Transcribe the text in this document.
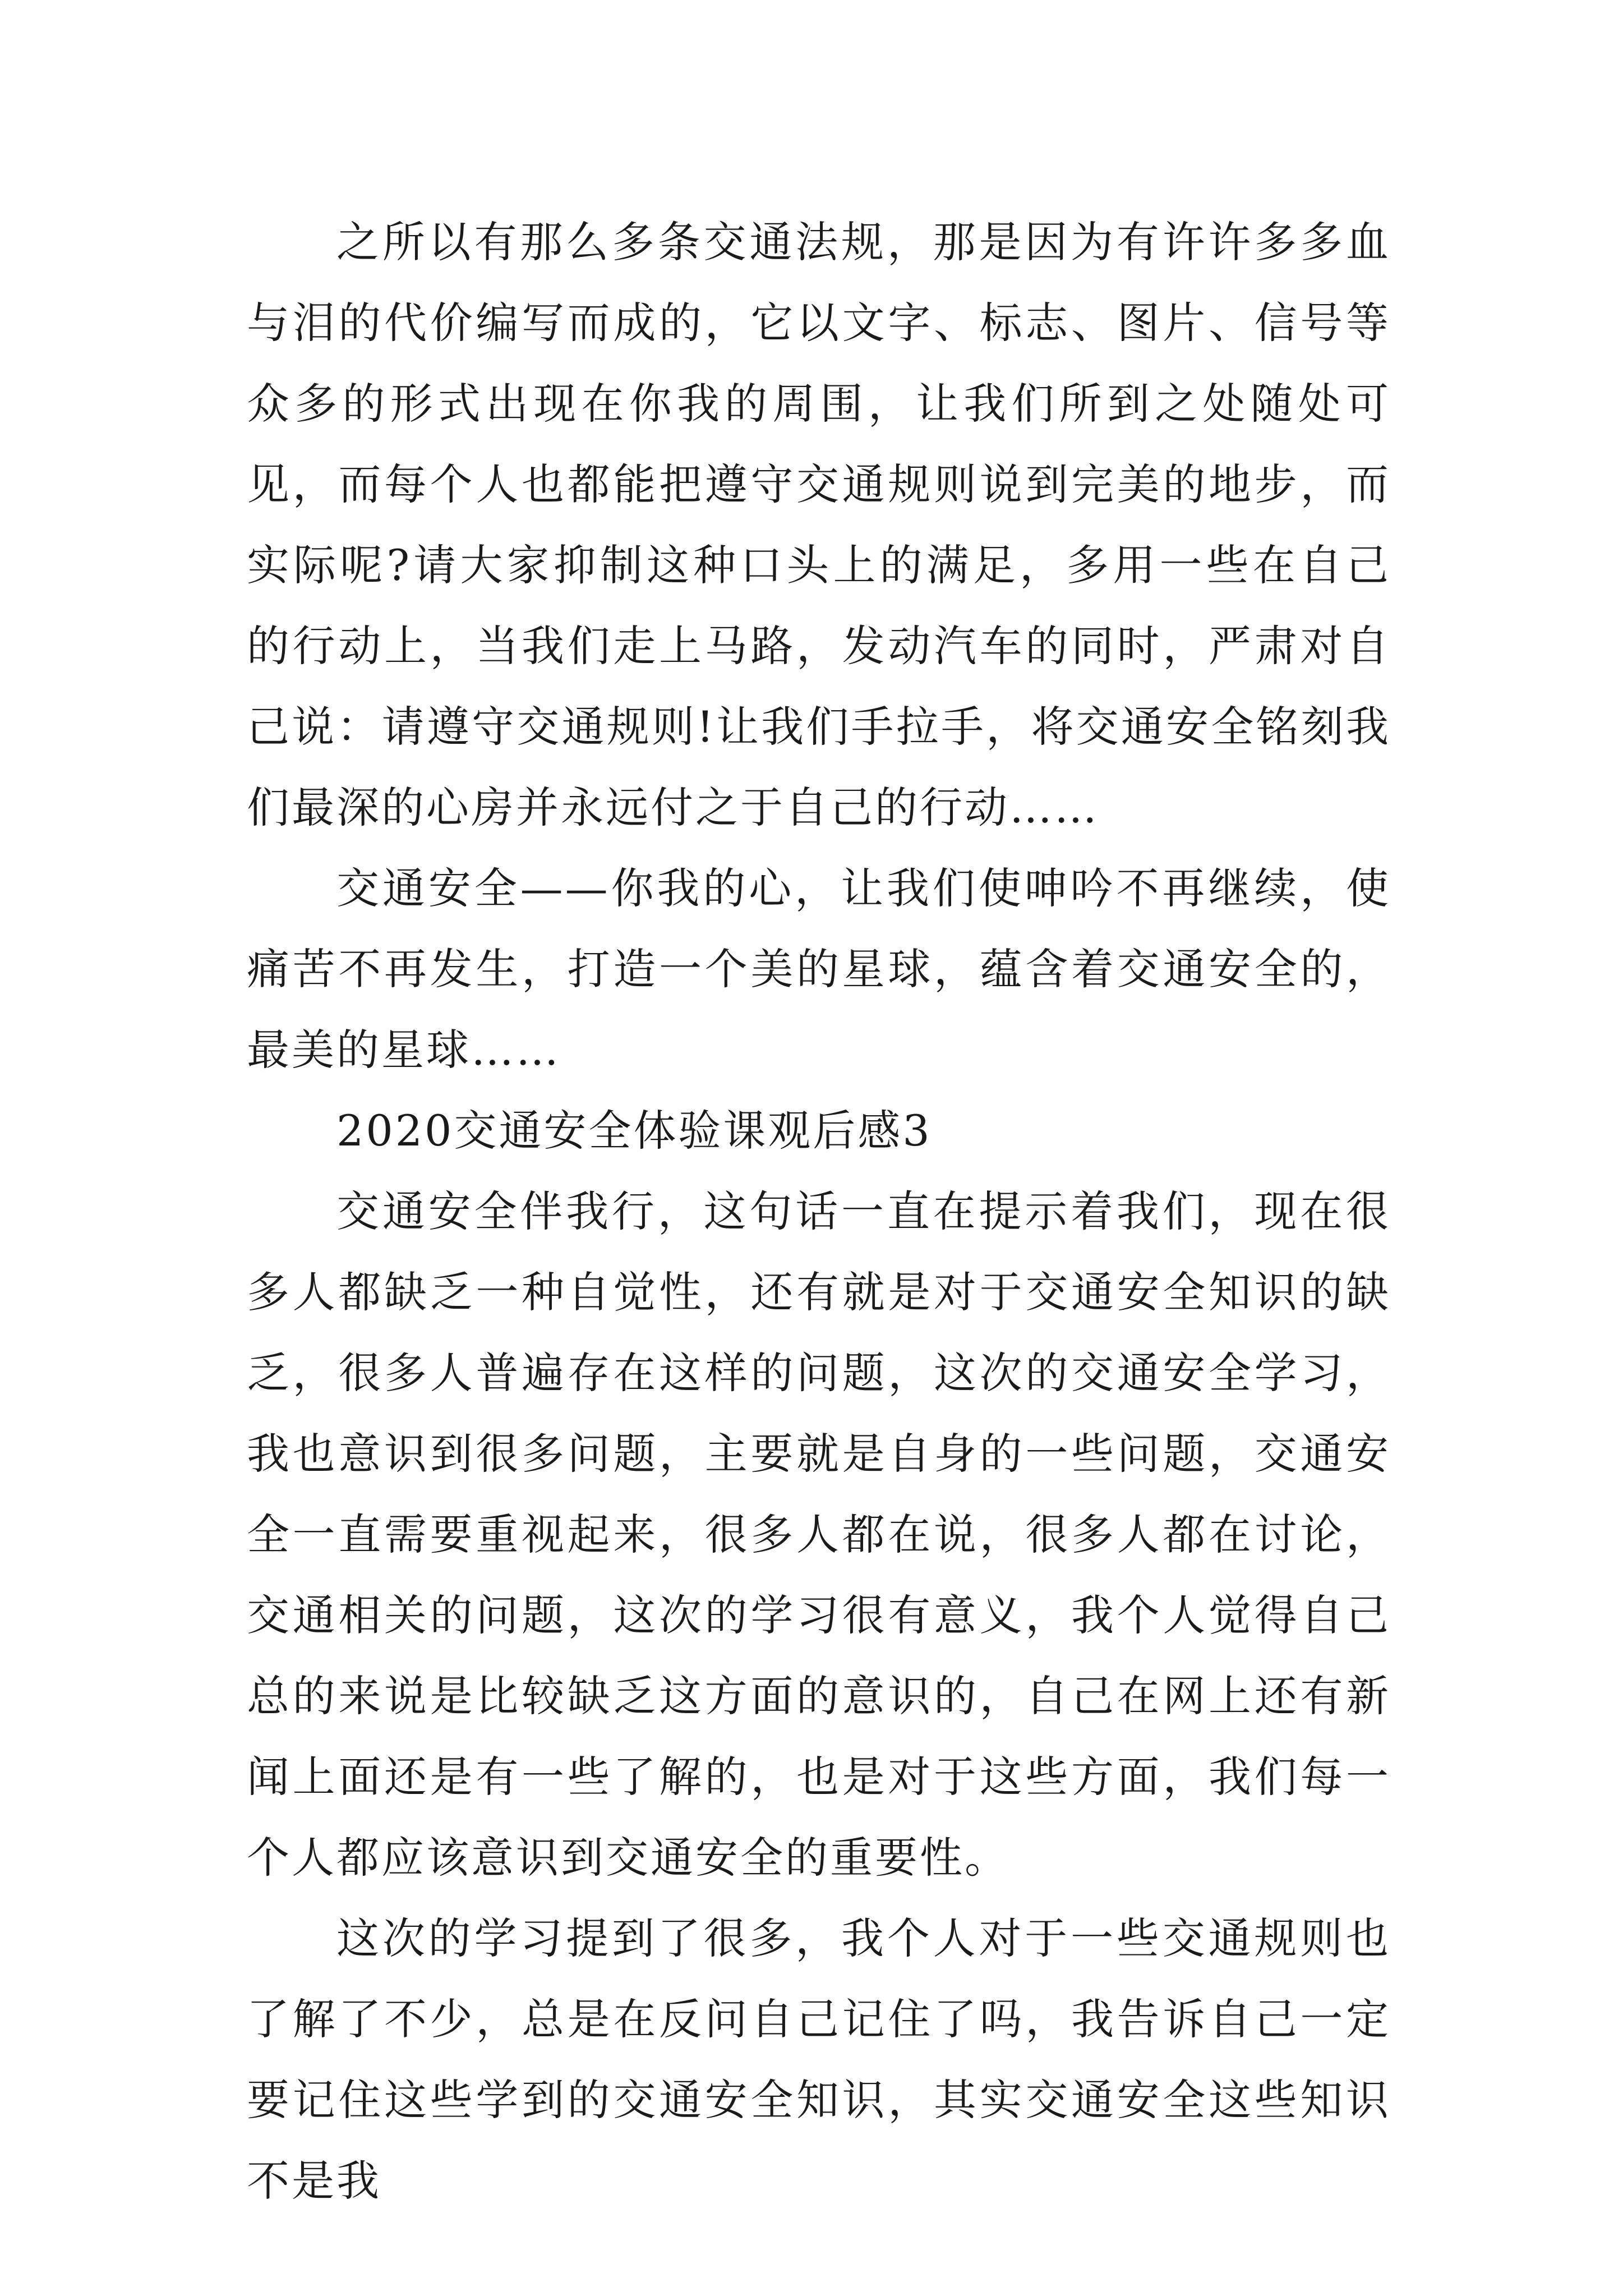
之所以有那么多条交通法规，那是因为有许许多多血与泪的代价编写而成的，它以文字、标志、图片、信号等众多的形式出现在你我的周围，让我们所到之处随处可见，而每个人也都能把遵守交通规则说到完美的地步，而实际呢?请大家抑制这种口头上的满足，多用一些在自己的行动上，当我们走上马路，发动汽车的同时，严肃对自己说：请遵守交通规则!让我们手拉手，将交通安全铭刻我们最深的心房并永远付之于自己的行动……

交通安全——你我的心，让我们使呻吟不再继续，使痛苦不再发生，打造一个美的星球，蕴含着交通安全的，最美的星球……

2020交通安全体验课观后感3

交通安全伴我行，这句话一直在提示着我们，现在很多人都缺乏一种自觉性，还有就是对于交通安全知识的缺乏，很多人普遍存在这样的问题，这次的交通安全学习，我也意识到很多问题，主要就是自身的一些问题，交通安全一直需要重视起来，很多人都在说，很多人都在讨论，交通相关的问题，这次的学习很有意义，我个人觉得自己总的来说是比较缺乏这方面的意识的，自己在网上还有新闻上面还是有一些了解的，也是对于这些方面，我们每一个人都应该意识到交通安全的重要性。

这次的学习提到了很多，我个人对于一些交通规则也了解了不少，总是在反问自己记住了吗，我告诉自己一定要记住这些学到的交通安全知识，其实交通安全这些知识不是我
